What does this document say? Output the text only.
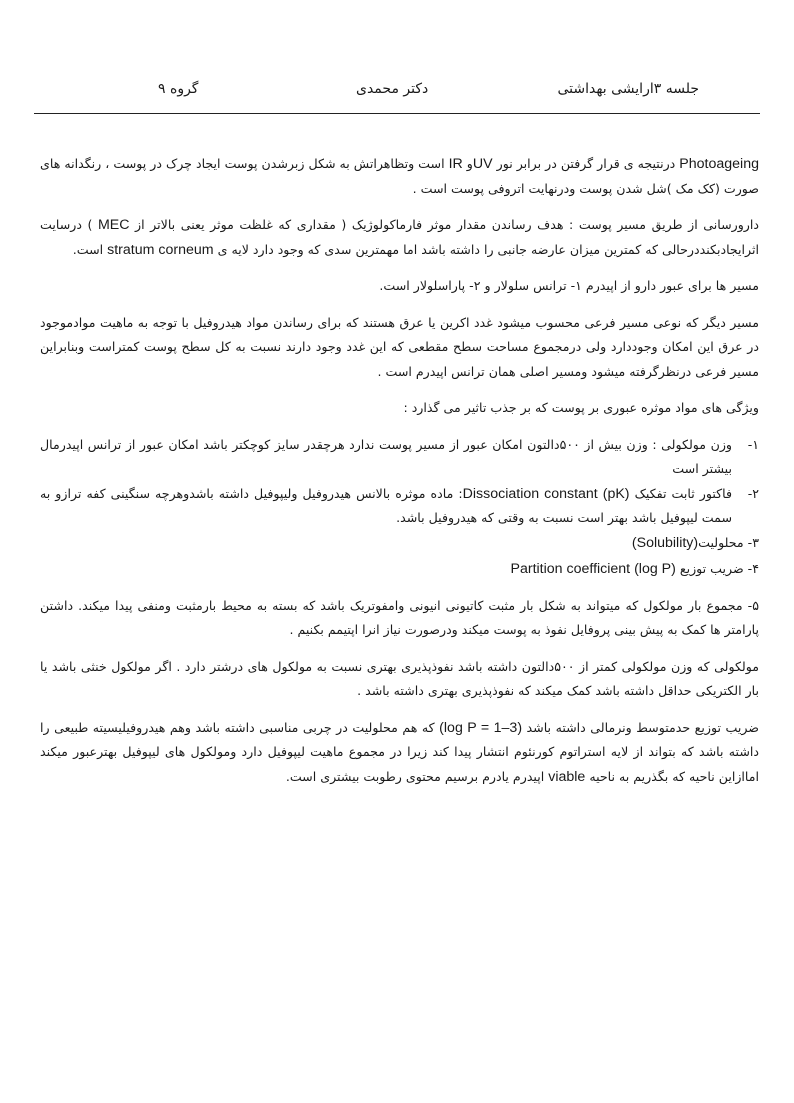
جلسه ۳ارایشی بهداشتی
دکتر محمدی
گروه ۹

Photoageing درنتیجه ی قرار گرفتن در برابر نور UVو IR است وتظاهراتش به شکل زبرشدن پوست ایجاد چرک در پوست ، رنگدانه های صورت (کک مک )شل شدن پوست ودرنهایت اتروفی پوست است .

دارورسانی از طریق مسیر پوست : هدف رساندن مقدار موثر فارماکولوژیک ( مقداری که غلظت موثر یعنی بالاتر از MEC ) درسایت اثرایجادبکنددرحالی که کمترین میزان عارضه جانبی را داشته باشد اما مهمترین سدی که وجود دارد لایه ی stratum corneum است.

مسیر ها برای عبور دارو از اپیدرم ۱- ترانس سلولار و ۲- پاراسلولار است.

مسیر دیگر که نوعی مسیر فرعی محسوب میشود غدد اکرین یا عرق هستند که برای رساندن مواد هیدروفیل با توجه به ماهیت موادموجود در عرق این امکان وجوددارد ولی درمجموع مساحت سطح مقطعی که این غدد وجود دارند نسبت به کل سطح پوست کمتراست وبنابراین مسیر فرعی درنظرگرفته میشود ومسیر اصلی همان ترانس اپیدرم است .

ویژگی های مواد موثره عبوری بر پوست که بر جذب تاثیر می گذارد :

۱-
وزن مولکولی : وزن بیش از ۵۰۰دالتون امکان عبور از مسیر پوست ندارد هرچقدر سایز کوچکتر باشد امکان عبور از ترانس اپیدرمال بیشتر است
۲-
فاکتور ثابت تفکیک Dissociation constant (pK): ماده موثره بالانس هیدروفیل ولیپوفیل داشته باشدوهرچه سنگینی کفه ترازو به سمت لیپوفیل باشد بهتر است نسبت به وقتی که هیدروفیل باشد.

۳- محلولیت(Solubility)

۴- ضریب توزیع Partition coefficient (log P)

۵- مجموع بار مولکول که میتواند به شکل بار مثبت کاتیونی انیونی وامفوتریک باشد که بسته به محیط بارمثبت ومنفی پیدا میکند. داشتن پارامتر ها کمک به پیش بینی پروفایل نفوذ به پوست میکند ودرصورت نیاز انرا اپتیمم بکنیم .

مولکولی که وزن مولکولی کمتر از ۵۰۰دالتون داشته باشد نفوذپذیری بهتری نسبت به مولکول های درشتر دارد . اگر مولکول خنثی باشد یا بار الکتریکی حداقل داشته باشد کمک میکند که نفوذپذیری بهتری داشته باشد .

ضریب توزیع حدمتوسط ونرمالی داشته باشد (log P = 1–3) که هم محلولیت در چربی مناسبی داشته باشد وهم هیدروفیلیسیته طبیعی را داشته باشد که بتواند از لایه استراتوم کورنئوم انتشار پیدا کند زیرا در مجموع ماهیت لیپوفیل دارد ومولکول های لیپوفیل بهترعبور میکند امااز‌این ناحیه که بگذریم به ناحیه viable اپیدرم یادرم برسیم محتوی رطوبت بیشتری است.
